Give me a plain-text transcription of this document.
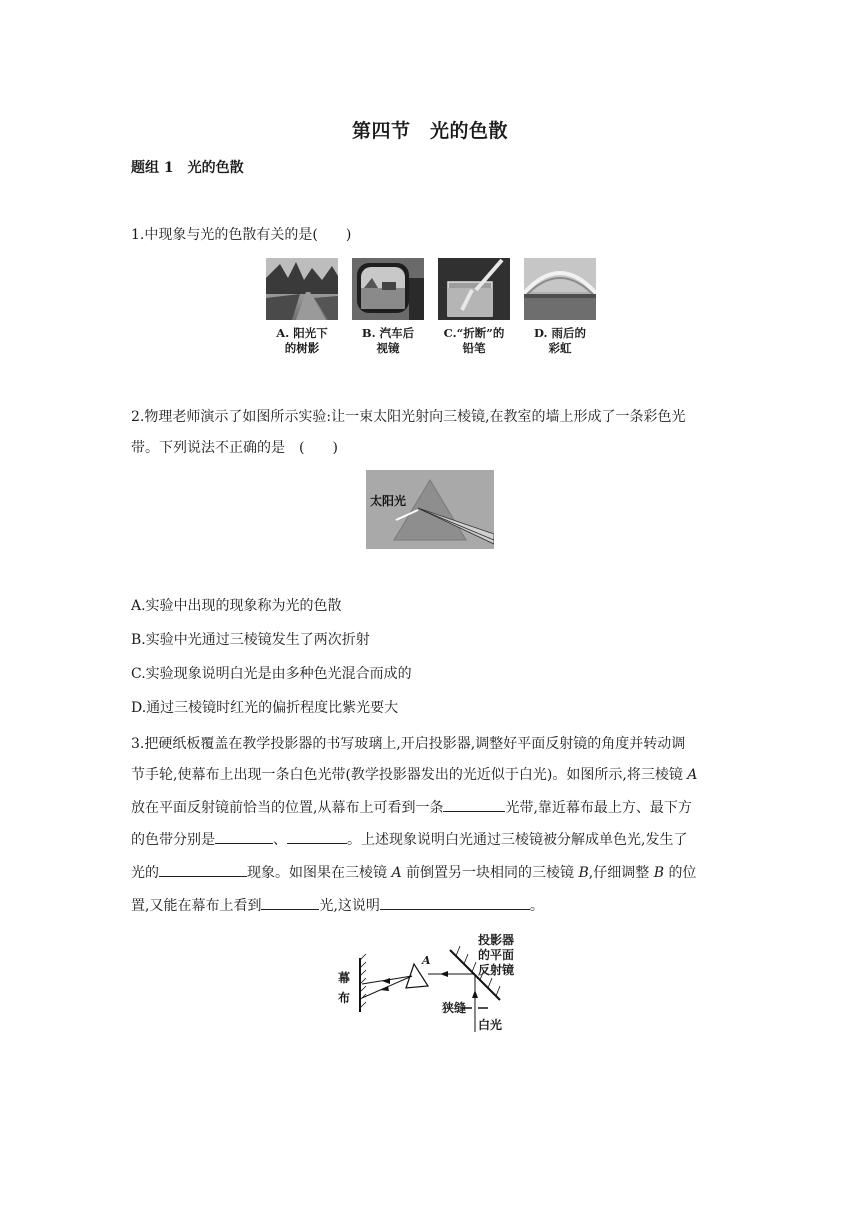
第四节　光的色散
题组 1　光的色散
1.中现象与光的色散有关的是(　　)
A. 阳光下
的树影
B. 汽车后
视镜
C.“折断”的
铅笔
D. 雨后的
彩虹
2.物理老师演示了如图所示实验:让一束太阳光射向三棱镜,在教室的墙上形成了一条彩色光
带。下列说法不正确的是　(　　)
太阳光
A.实验中出现的现象称为光的色散
B.实验中光通过三棱镜发生了两次折射
C.实验现象说明白光是由多种色光混合而成的
D.通过三棱镜时红光的偏折程度比紫光要大
3.把硬纸板覆盖在教学投影器的书写玻璃上,开启投影器,调整好平面反射镜的角度并转动调
节手轮,使幕布上出现一条白色光带(教学投影器发出的光近似于白光)。如图所示,将三棱镜 A
放在平面反射镜前恰当的位置,从幕布上可看到一条	光带,靠近幕布最上方、最下方
的色带分别是	、	。上述现象说明白光通过三棱镜被分解成单色光,发生了
光的	现象。如图果在三棱镜 A 前倒置另一块相同的三棱镜 B,仔细调整 B 的位
置,又能在幕布上看到	光,这说明	。
幕
布
A
投影器
的平面
反射镜
狭缝
白光
